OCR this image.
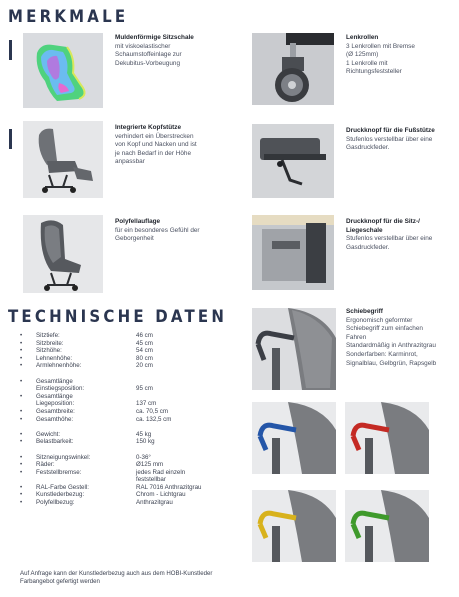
MERKMALE
Muldenförmige Sitzschale
mit viskoelastischer
Schaumstoffeinlage zur
Dekubitus-Vorbeugung
Lenkrollen
3 Lenkrollen mit Bremse
(Ø 125mm)
1 Lenkrolle mit
Richtungsfeststeller
Integrierte Kopfstütze
verhindert ein Überstrecken
von Kopf und Nacken und ist
je nach Bedarf in der Höhe
anpassbar
Druckknopf für die Fußstütze
Stufenlos verstellbar über eine
Gasdruckfeder.
Polyfellauflage
für ein besonderes Gefühl der
Geborgenheit
Druckknopf für die Sitz-/
Liegeschale
Stufenlos verstellbar über eine
Gasdruckfeder.
TECHNISCHE DATEN
• Sitztiefe:	46 cm
• Sitzbreite:	45 cm
• Sitzhöhe:	54 cm
• Lehnenhöhe:	80 cm
• Armlehnenhöhe:	20 cm
• Gesamtlänge
Einstiegsposition:	95 cm
• Gesamtlänge
Liegeposition:	137 cm
• Gesamtbreite:	ca. 70,5 cm
• Gesamthöhe:	ca. 132,5 cm
• Gewicht:	45 kg
• Belastbarkeit:	150 kg
• Sitzneigungswinkel:	0-36°
• Räder:	Ø125 mm
• Feststellbremse:	jedes Rad einzeln
feststellbar
• RAL-Farbe Gestell:	RAL 7016 Anthrazitgrau
• Kunstlederbezug:	Chrom - Lichtgrau
• Polyfellbezug:	Anthrazitgrau
Auf Anfrage kann der Kunstlederbezug auch aus dem HOBI-Kunstleder Farbangebot gefertigt werden
Schiebegriff
Ergonomisch geformter
Schiebegriff zum einfachen
Fahren
Standardmäßig in Anthrazitgrau
Sonderfarben: Karminrot,
Signalblau, Gelbgrün, Rapsgelb
